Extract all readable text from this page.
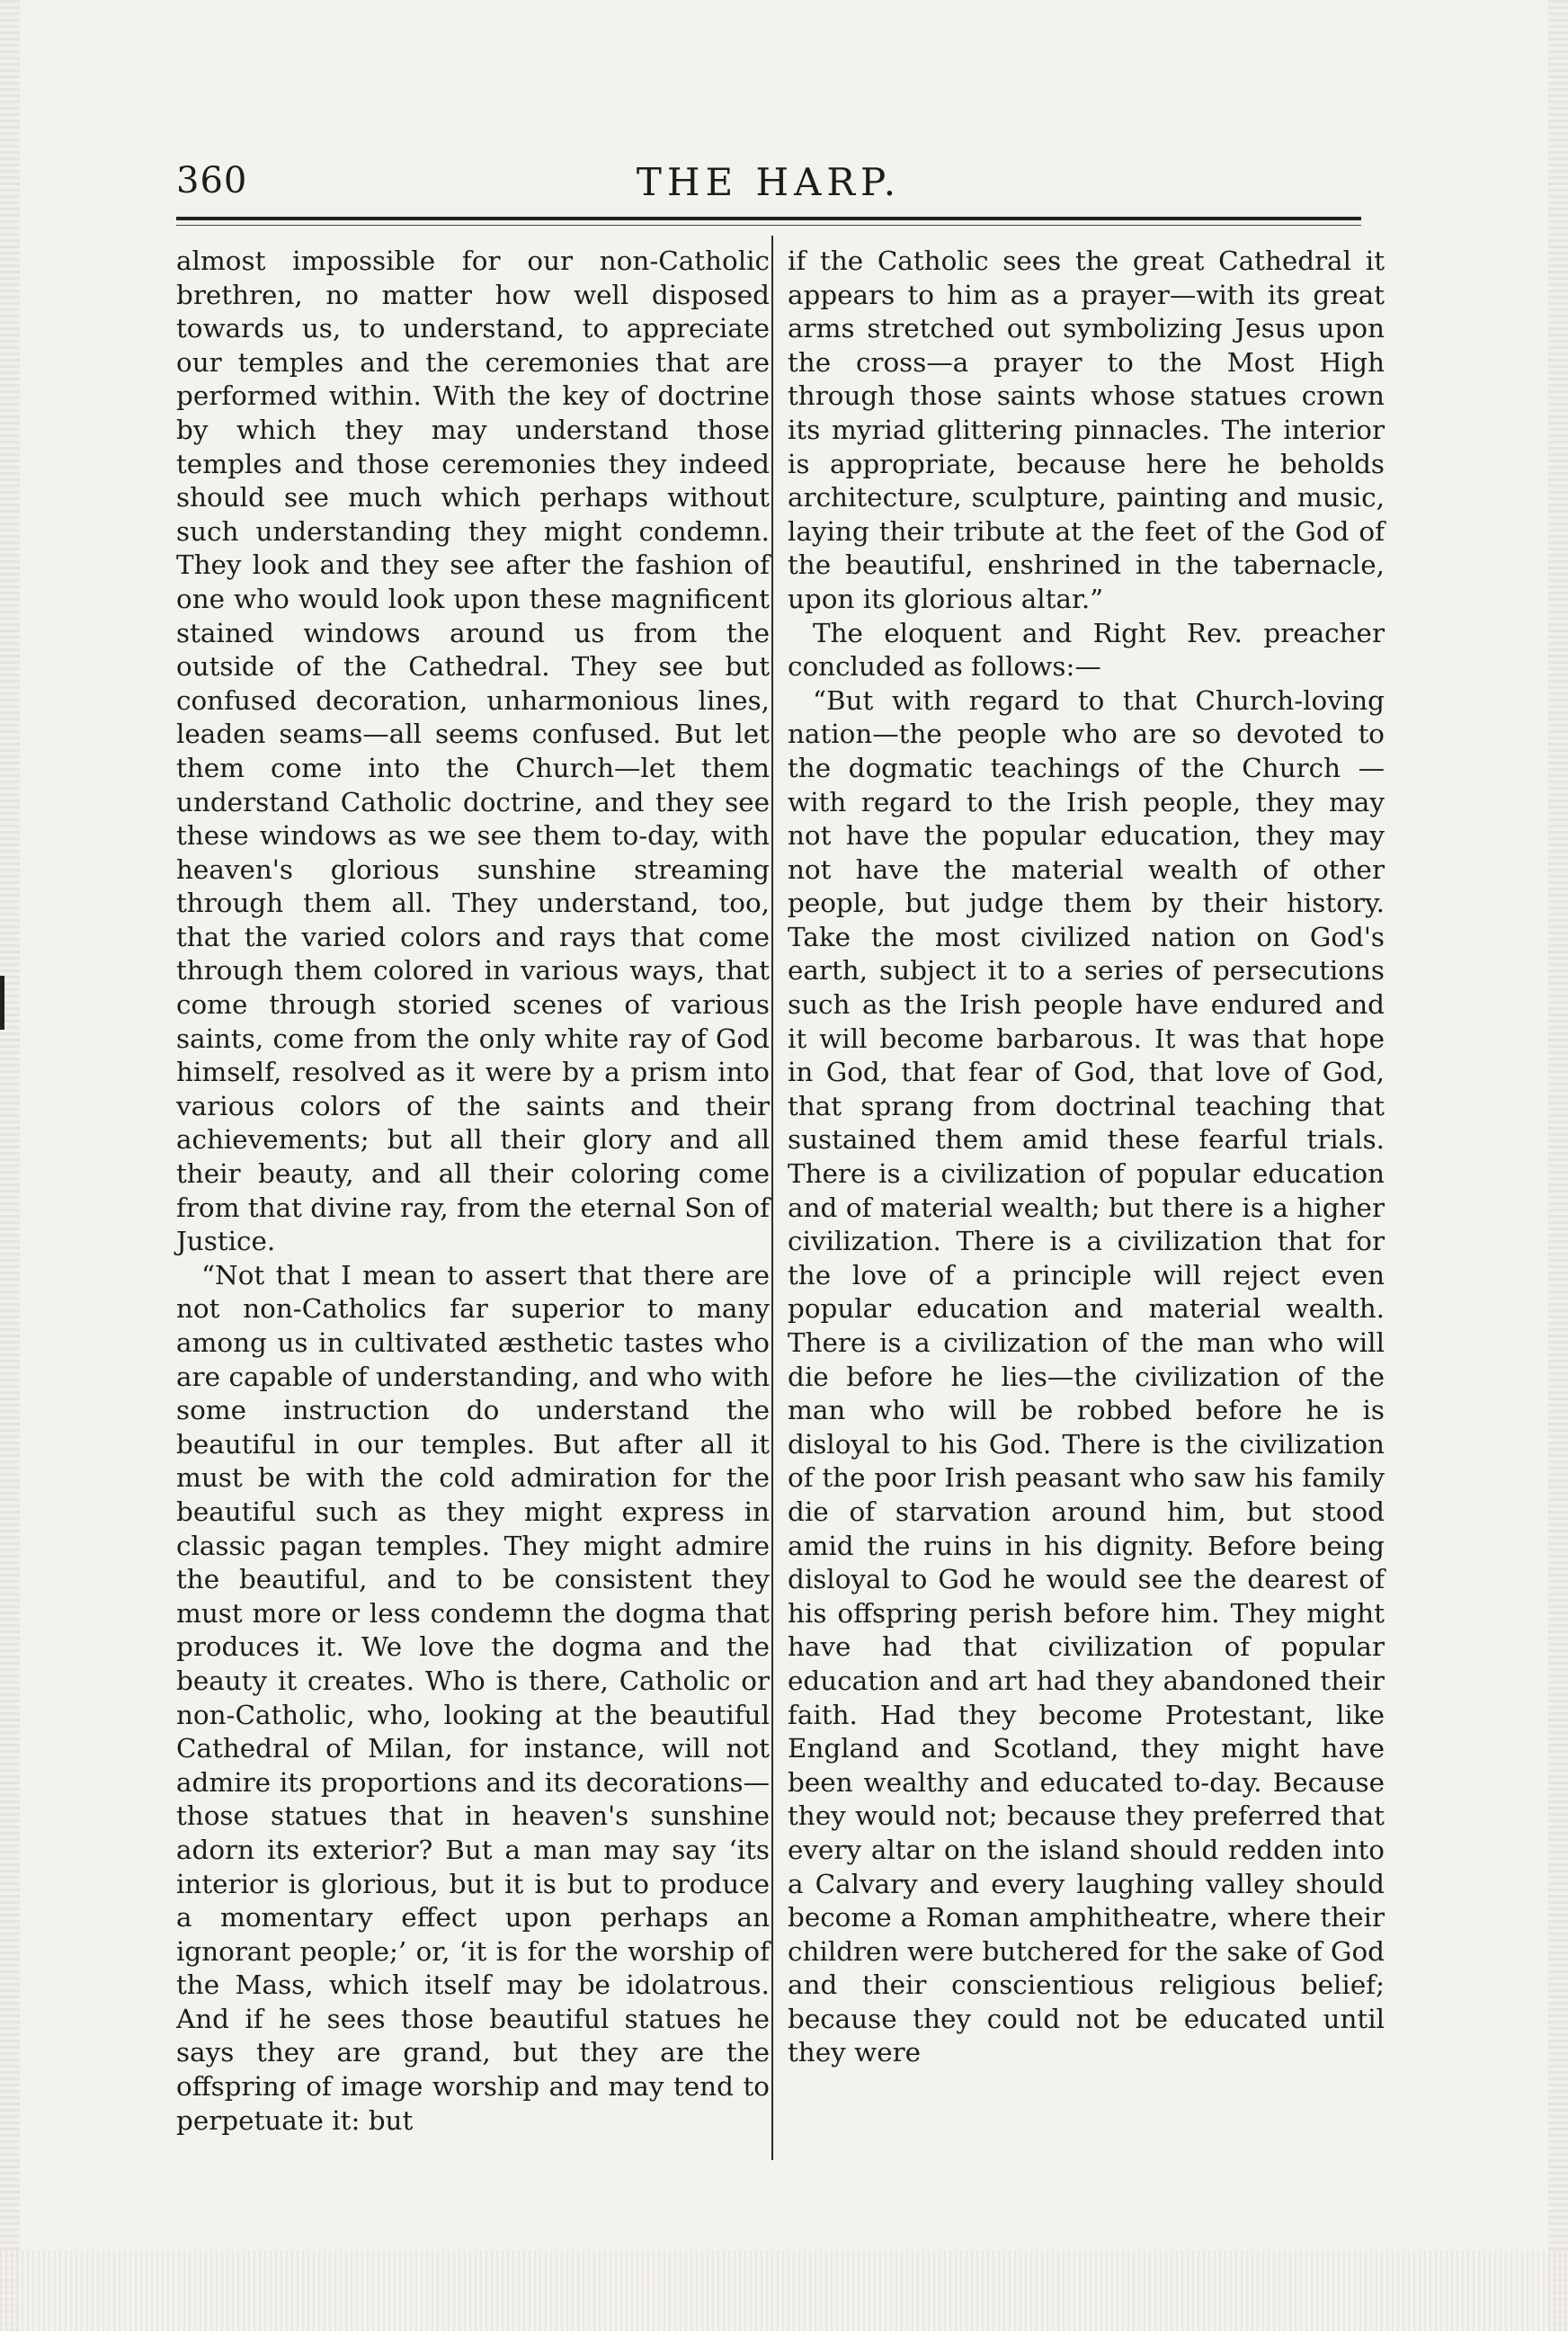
360	THE HARP.

almost impossible for our non-Catholic brethren, no matter how well disposed towards us, to understand, to appreciate our temples and the ceremonies that are performed within. With the key of doctrine by which they may understand those temples and those ceremonies they indeed should see much which perhaps without such understanding they might condemn. They look and they see after the fashion of one who would look upon these magnificent stained windows around us from the outside of the Cathedral. They see but confused decoration, unharmonious lines, leaden seams—all seems confused. But let them come into the Church—let them understand Catholic doctrine, and they see these windows as we see them to-day, with heaven's glorious sunshine streaming through them all. They understand, too, that the varied colors and rays that come through them colored in various ways, that come through storied scenes of various saints, come from the only white ray of God himself, resolved as it were by a prism into various colors of the saints and their achievements; but all their glory and all their beauty, and all their coloring come from that divine ray, from the eternal Son of Justice.

“Not that I mean to assert that there are not non-Catholics far superior to many among us in cultivated æsthetic tastes who are capable of understanding, and who with some instruction do understand the beautiful in our temples. But after all it must be with the cold admiration for the beautiful such as they might express in classic pagan temples. They might admire the beautiful, and to be consistent they must more or less condemn the dogma that produces it. We love the dogma and the beauty it creates. Who is there, Catholic or non-Catholic, who, looking at the beautiful Cathedral of Milan, for instance, will not admire its proportions and its decorations—those statues that in heaven's sunshine adorn its exterior? But a man may say ‘its interior is glorious, but it is but to produce a momentary effect upon perhaps an ignorant people;’ or, ‘it is for the worship of the Mass, which itself may be idolatrous. And if he sees those beautiful statues he says they are grand, but they are the offspring of image worship and may tend to perpetuate it: but

if the Catholic sees the great Cathedral it appears to him as a prayer—with its great arms stretched out symbolizing Jesus upon the cross—a prayer to the Most High through those saints whose statues crown its myriad glittering pinnacles. The interior is appropriate, because here he beholds architecture, sculpture, painting and music, laying their tribute at the feet of the God of the beautiful, enshrined in the tabernacle, upon its glorious altar.”

The eloquent and Right Rev. preacher concluded as follows:—

“But with regard to that Church-loving nation—the people who are so devoted to the dogmatic teachings of the Church —with regard to the Irish people, they may not have the popular education, they may not have the material wealth of other people, but judge them by their history. Take the most civilized nation on God's earth, subject it to a series of persecutions such as the Irish people have endured and it will become barbarous. It was that hope in God, that fear of God, that love of God, that sprang from doctrinal teaching that sustained them amid these fearful trials. There is a civilization of popular education and of material wealth; but there is a higher civilization. There is a civilization that for the love of a principle will reject even popular education and material wealth. There is a civilization of the man who will die before he lies—the civilization of the man who will be robbed before he is disloyal to his God. There is the civilization of the poor Irish peasant who saw his family die of starvation around him, but stood amid the ruins in his dignity. Before being disloyal to God he would see the dearest of his offspring perish before him. They might have had that civilization of popular education and art had they abandoned their faith. Had they become Protestant, like England and Scotland, they might have been wealthy and educated to-day. Because they would not; because they preferred that every altar on the island should redden into a Calvary and every laughing valley should become a Roman amphitheatre, where their children were butchered for the sake of God and their conscientious religious belief; because they could not be educated until they were
